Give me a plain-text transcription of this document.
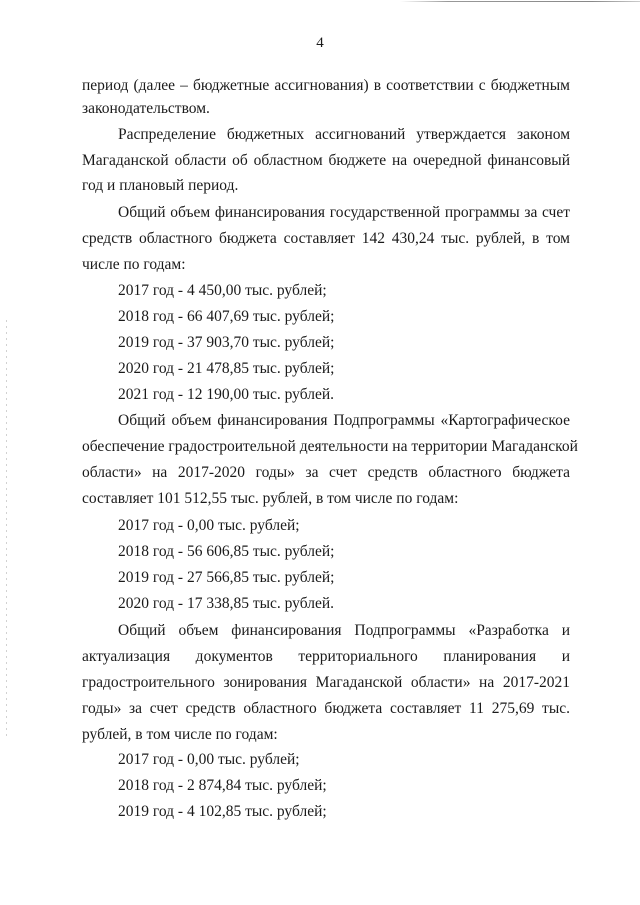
4
период (далее – бюджетные ассигнования) в соответствии с бюджетным
законодательством.
Распределение бюджетных ассигнований утверждается законом
Магаданской области об областном бюджете на очередной финансовый
год и плановый период.
Общий объем финансирования государственной программы за счет
средств областного бюджета составляет 142 430,24 тыс. рублей, в том
числе по годам:
2017 год - 4 450,00 тыс. рублей;
2018 год - 66 407,69 тыс. рублей;
2019 год - 37 903,70 тыс. рублей;
2020 год - 21 478,85 тыс. рублей;
2021 год - 12 190,00 тыс. рублей.
Общий объем финансирования Подпрограммы «Картографическое
обеспечение градостроительной деятельности на территории Магаданской
области» на 2017-2020 годы» за счет средств областного бюджета
составляет 101 512,55 тыс. рублей, в том числе по годам:
2017 год - 0,00 тыс. рублей;
2018 год - 56 606,85 тыс. рублей;
2019 год - 27 566,85 тыс. рублей;
2020 год - 17 338,85 тыс. рублей.
Общий объем финансирования Подпрограммы «Разработка и
актуализация документов территориального планирования и
градостроительного зонирования Магаданской области» на 2017-2021
годы» за счет средств областного бюджета составляет 11 275,69 тыс.
рублей, в том числе по годам:
2017 год - 0,00 тыс. рублей;
2018 год - 2 874,84 тыс. рублей;
2019 год - 4 102,85 тыс. рублей;
